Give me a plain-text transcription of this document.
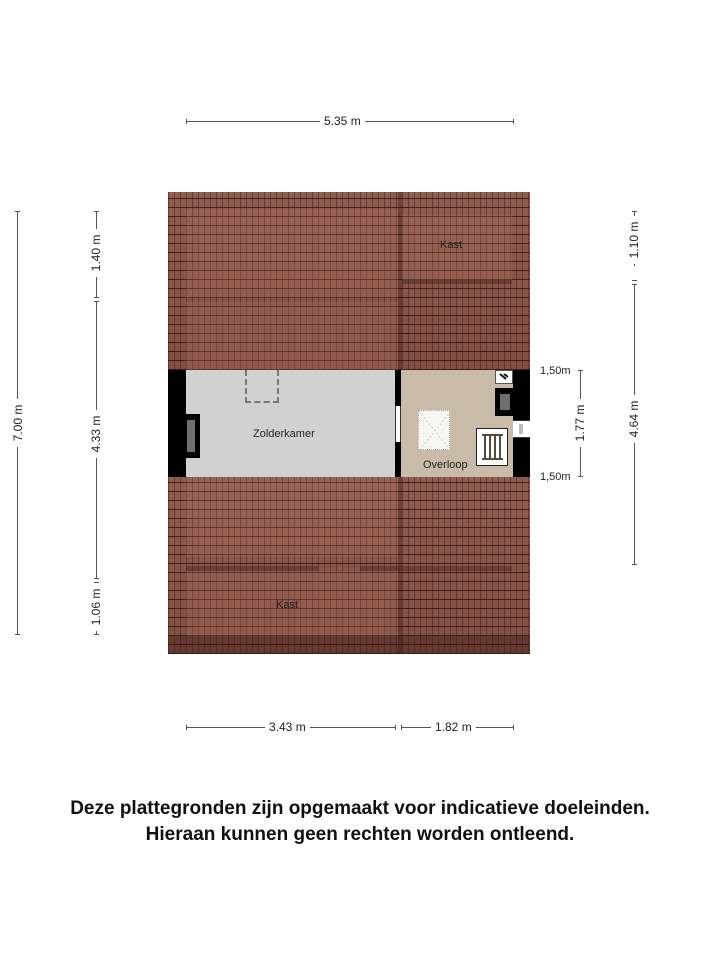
5.35 m
7.00 m
1.40 m
4.33 m
1.06 m
1.10 m
4.64 m
1.77 m
1,50m
1,50m
Kast
Zolderkamer
Overloop
Kast
3.43 m	1.82 m
Deze plattegronden zijn opgemaakt voor indicatieve doeleinden.
Hieraan kunnen geen rechten worden ontleend.
